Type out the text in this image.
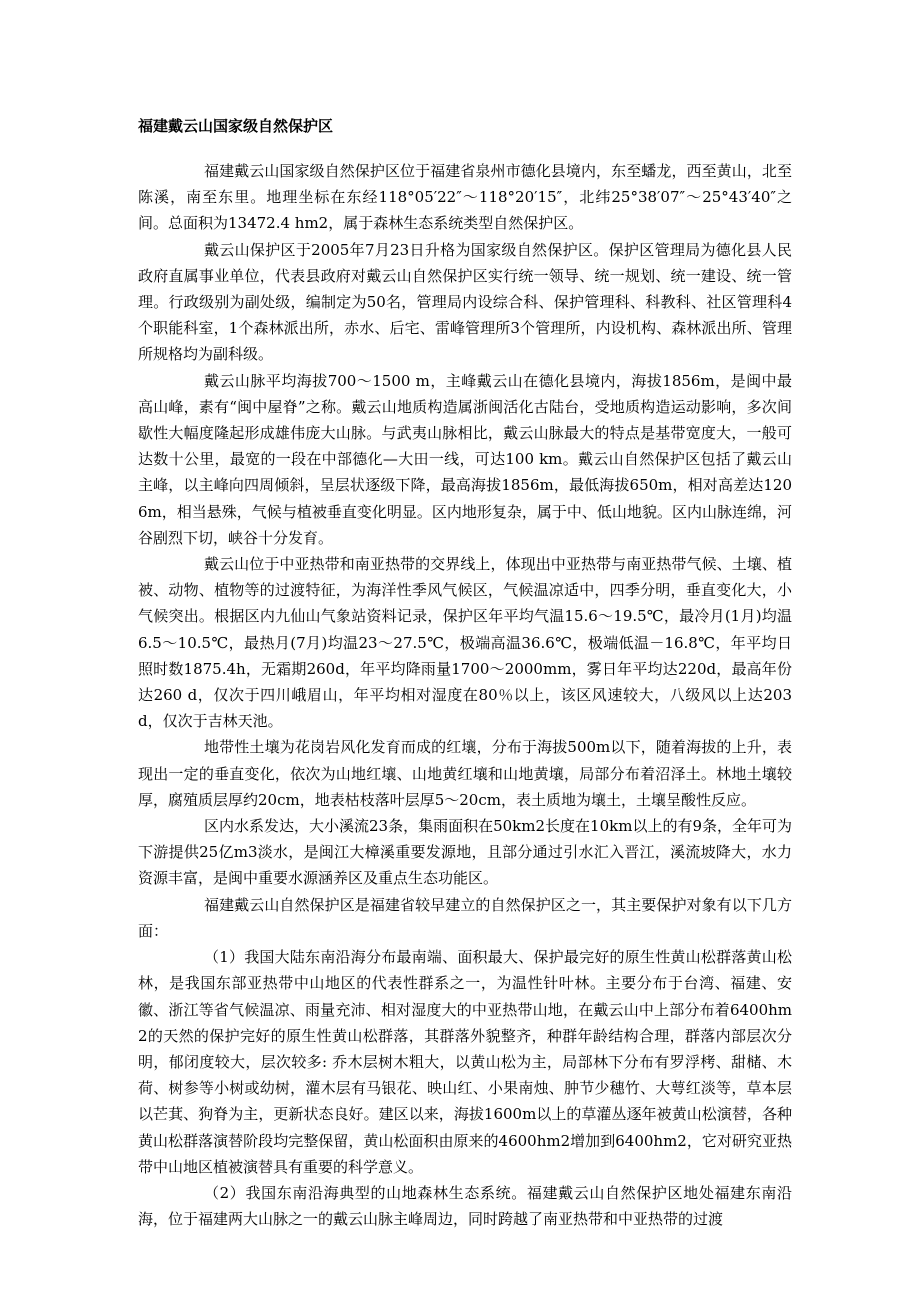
福建戴云山国家级自然保护区

福建戴云山国家级自然保护区位于福建省泉州市德化县境内，东至蟠龙，西至黄山，北至陈溪，南至东里。地理坐标在东经118°05′22″～118°20′15″，北纬25°38′07″～25°43′40″之间。总面积为13472.4 hm2，属于森林生态系统类型自然保护区。

戴云山保护区于2005年7月23日升格为国家级自然保护区。保护区管理局为德化县人民政府直属事业单位，代表县政府对戴云山自然保护区实行统一领导、统一规划、统一建设、统一管理。行政级别为副处级，编制定为50名，管理局内设综合科、保护管理科、科教科、社区管理科4个职能科室，1个森林派出所，赤水、后宅、雷峰管理所3个管理所，内设机构、森林派出所、管理所规格均为副科级。

戴云山脉平均海拔700～1500 m，主峰戴云山在德化县境内，海拔1856m，是闽中最高山峰，素有“闽中屋脊”之称。戴云山地质构造属浙闽活化古陆台，受地质构造运动影响，多次间歇性大幅度隆起形成雄伟庞大山脉。与武夷山脉相比，戴云山脉最大的特点是基带宽度大，一般可达数十公里，最宽的一段在中部德化—大田一线，可达100 km。戴云山自然保护区包括了戴云山主峰，以主峰向四周倾斜，呈层状逐级下降，最高海拔1856m，最低海拔650m，相对高差达1206m，相当悬殊，气候与植被垂直变化明显。区内地形复杂，属于中、低山地貌。区内山脉连绵，河谷剧烈下切，峡谷十分发育。

戴云山位于中亚热带和南亚热带的交界线上，体现出中亚热带与南亚热带气候、土壤、植被、动物、植物等的过渡特征，为海洋性季风气候区，气候温凉适中，四季分明，垂直变化大，小气候突出。根据区内九仙山气象站资料记录，保护区年平均气温15.6～19.5℃，最冷月(1月)均温6.5～10.5℃，最热月(7月)均温23～27.5℃，极端高温36.6℃，极端低温－16.8℃，年平均日照时数1875.4h，无霜期260d，年平均降雨量1700～2000mm，雾日年平均达220d，最高年份达260 d，仅次于四川峨眉山，年平均相对湿度在80％以上，该区风速较大，八级风以上达203d，仅次于吉林天池。

地带性土壤为花岗岩风化发育而成的红壤，分布于海拔500m以下，随着海拔的上升，表现出一定的垂直变化，依次为山地红壤、山地黄红壤和山地黄壤，局部分布着沼泽土。林地土壤较厚，腐殖质层厚约20cm，地表枯枝落叶层厚5～20cm，表土质地为壤土，土壤呈酸性反应。

区内水系发达，大小溪流23条，集雨面积在50km2长度在10km以上的有9条，全年可为下游提供25亿m3淡水，是闽江大樟溪重要发源地，且部分通过引水汇入晋江，溪流坡降大，水力资源丰富，是闽中重要水源涵养区及重点生态功能区。

福建戴云山自然保护区是福建省较早建立的自然保护区之一，其主要保护对象有以下几方面：

（1）我国大陆东南沿海分布最南端、面积最大、保护最完好的原生性黄山松群落黄山松林，是我国东部亚热带中山地区的代表性群系之一，为温性针叶林。主要分布于台湾、福建、安徽、浙江等省气候温凉、雨量充沛、相对湿度大的中亚热带山地，在戴云山中上部分布着6400hm2的天然的保护完好的原生性黄山松群落，其群落外貌整齐，种群年龄结构合理，群落内部层次分明，郁闭度较大，层次较多: 乔木层树木粗大，以黄山松为主，局部林下分布有罗浮栲、甜槠、木荷、树参等小树或幼树，灌木层有马银花、映山红、小果南烛、肿节少穗竹、大萼红淡等，草本层以芒萁、狗脊为主，更新状态良好。建区以来，海拔1600m以上的草灌丛逐年被黄山松演替，各种黄山松群落演替阶段均完整保留，黄山松面积由原来的4600hm2增加到6400hm2，它对研究亚热带中山地区植被演替具有重要的科学意义。

（2）我国东南沿海典型的山地森林生态系统。福建戴云山自然保护区地处福建东南沿海，位于福建两大山脉之一的戴云山脉主峰周边，同时跨越了南亚热带和中亚热带的过渡
